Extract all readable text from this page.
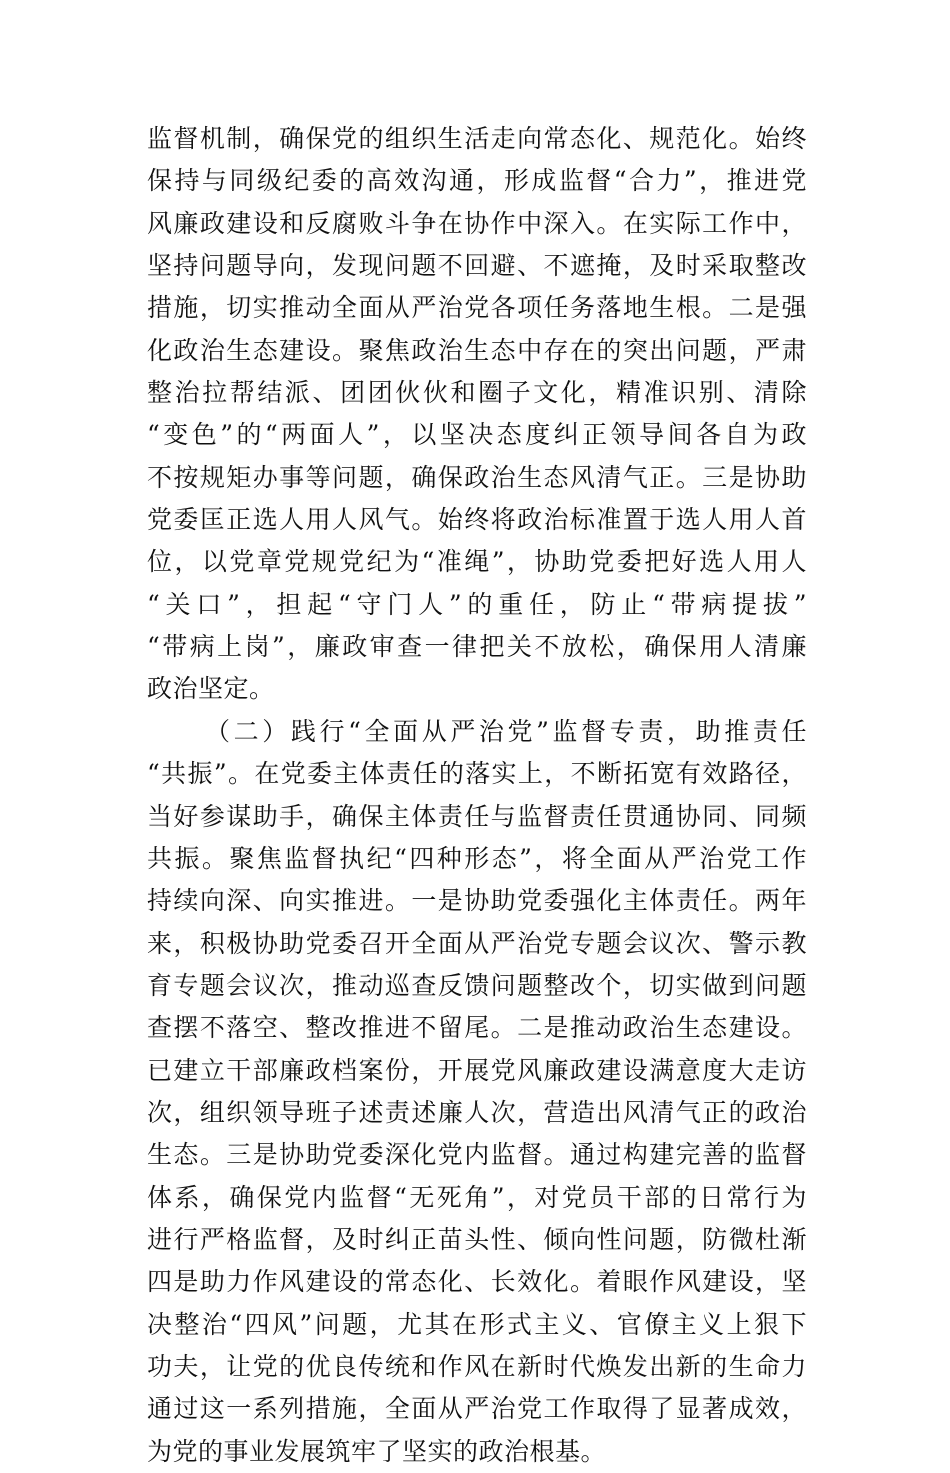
监督机制，确保党的组织生活走向常态化、规范化。始终
保持与同级纪委的高效沟通，形成监督“合力”，推进党
风廉政建设和反腐败斗争在协作中深入。在实际工作中，
坚持问题导向，发现问题不回避、不遮掩，及时采取整改
措施，切实推动全面从严治党各项任务落地生根。二是强
化政治生态建设。聚焦政治生态中存在的突出问题，严肃
整治拉帮结派、团团伙伙和圈子文化，精准识别、清除
“变色”的“两面人”，以坚决态度纠正领导间各自为政
不按规矩办事等问题，确保政治生态风清气正。三是协助
党委匡正选人用人风气。始终将政治标准置于选人用人首
位，以党章党规党纪为“准绳”，协助党委把好选人用人
“关口”，担起“守门人”的重任，防止“带病提拔”
“带病上岗”，廉政审查一律把关不放松，确保用人清廉
政治坚定。
（二）践行“全面从严治党”监督专责，助推责任
“共振”。在党委主体责任的落实上，不断拓宽有效路径，
当好参谋助手，确保主体责任与监督责任贯通协同、同频
共振。聚焦监督执纪“四种形态”，将全面从严治党工作
持续向深、向实推进。一是协助党委强化主体责任。两年
来，积极协助党委召开全面从严治党专题会议次、警示教
育专题会议次，推动巡查反馈问题整改个，切实做到问题
查摆不落空、整改推进不留尾。二是推动政治生态建设。
已建立干部廉政档案份，开展党风廉政建设满意度大走访
次，组织领导班子述责述廉人次，营造出风清气正的政治
生态。三是协助党委深化党内监督。通过构建完善的监督
体系，确保党内监督“无死角”，对党员干部的日常行为
进行严格监督，及时纠正苗头性、倾向性问题，防微杜渐
四是助力作风建设的常态化、长效化。着眼作风建设，坚
决整治“四风”问题，尤其在形式主义、官僚主义上狠下
功夫，让党的优良传统和作风在新时代焕发出新的生命力
通过这一系列措施，全面从严治党工作取得了显著成效，
为党的事业发展筑牢了坚实的政治根基。
